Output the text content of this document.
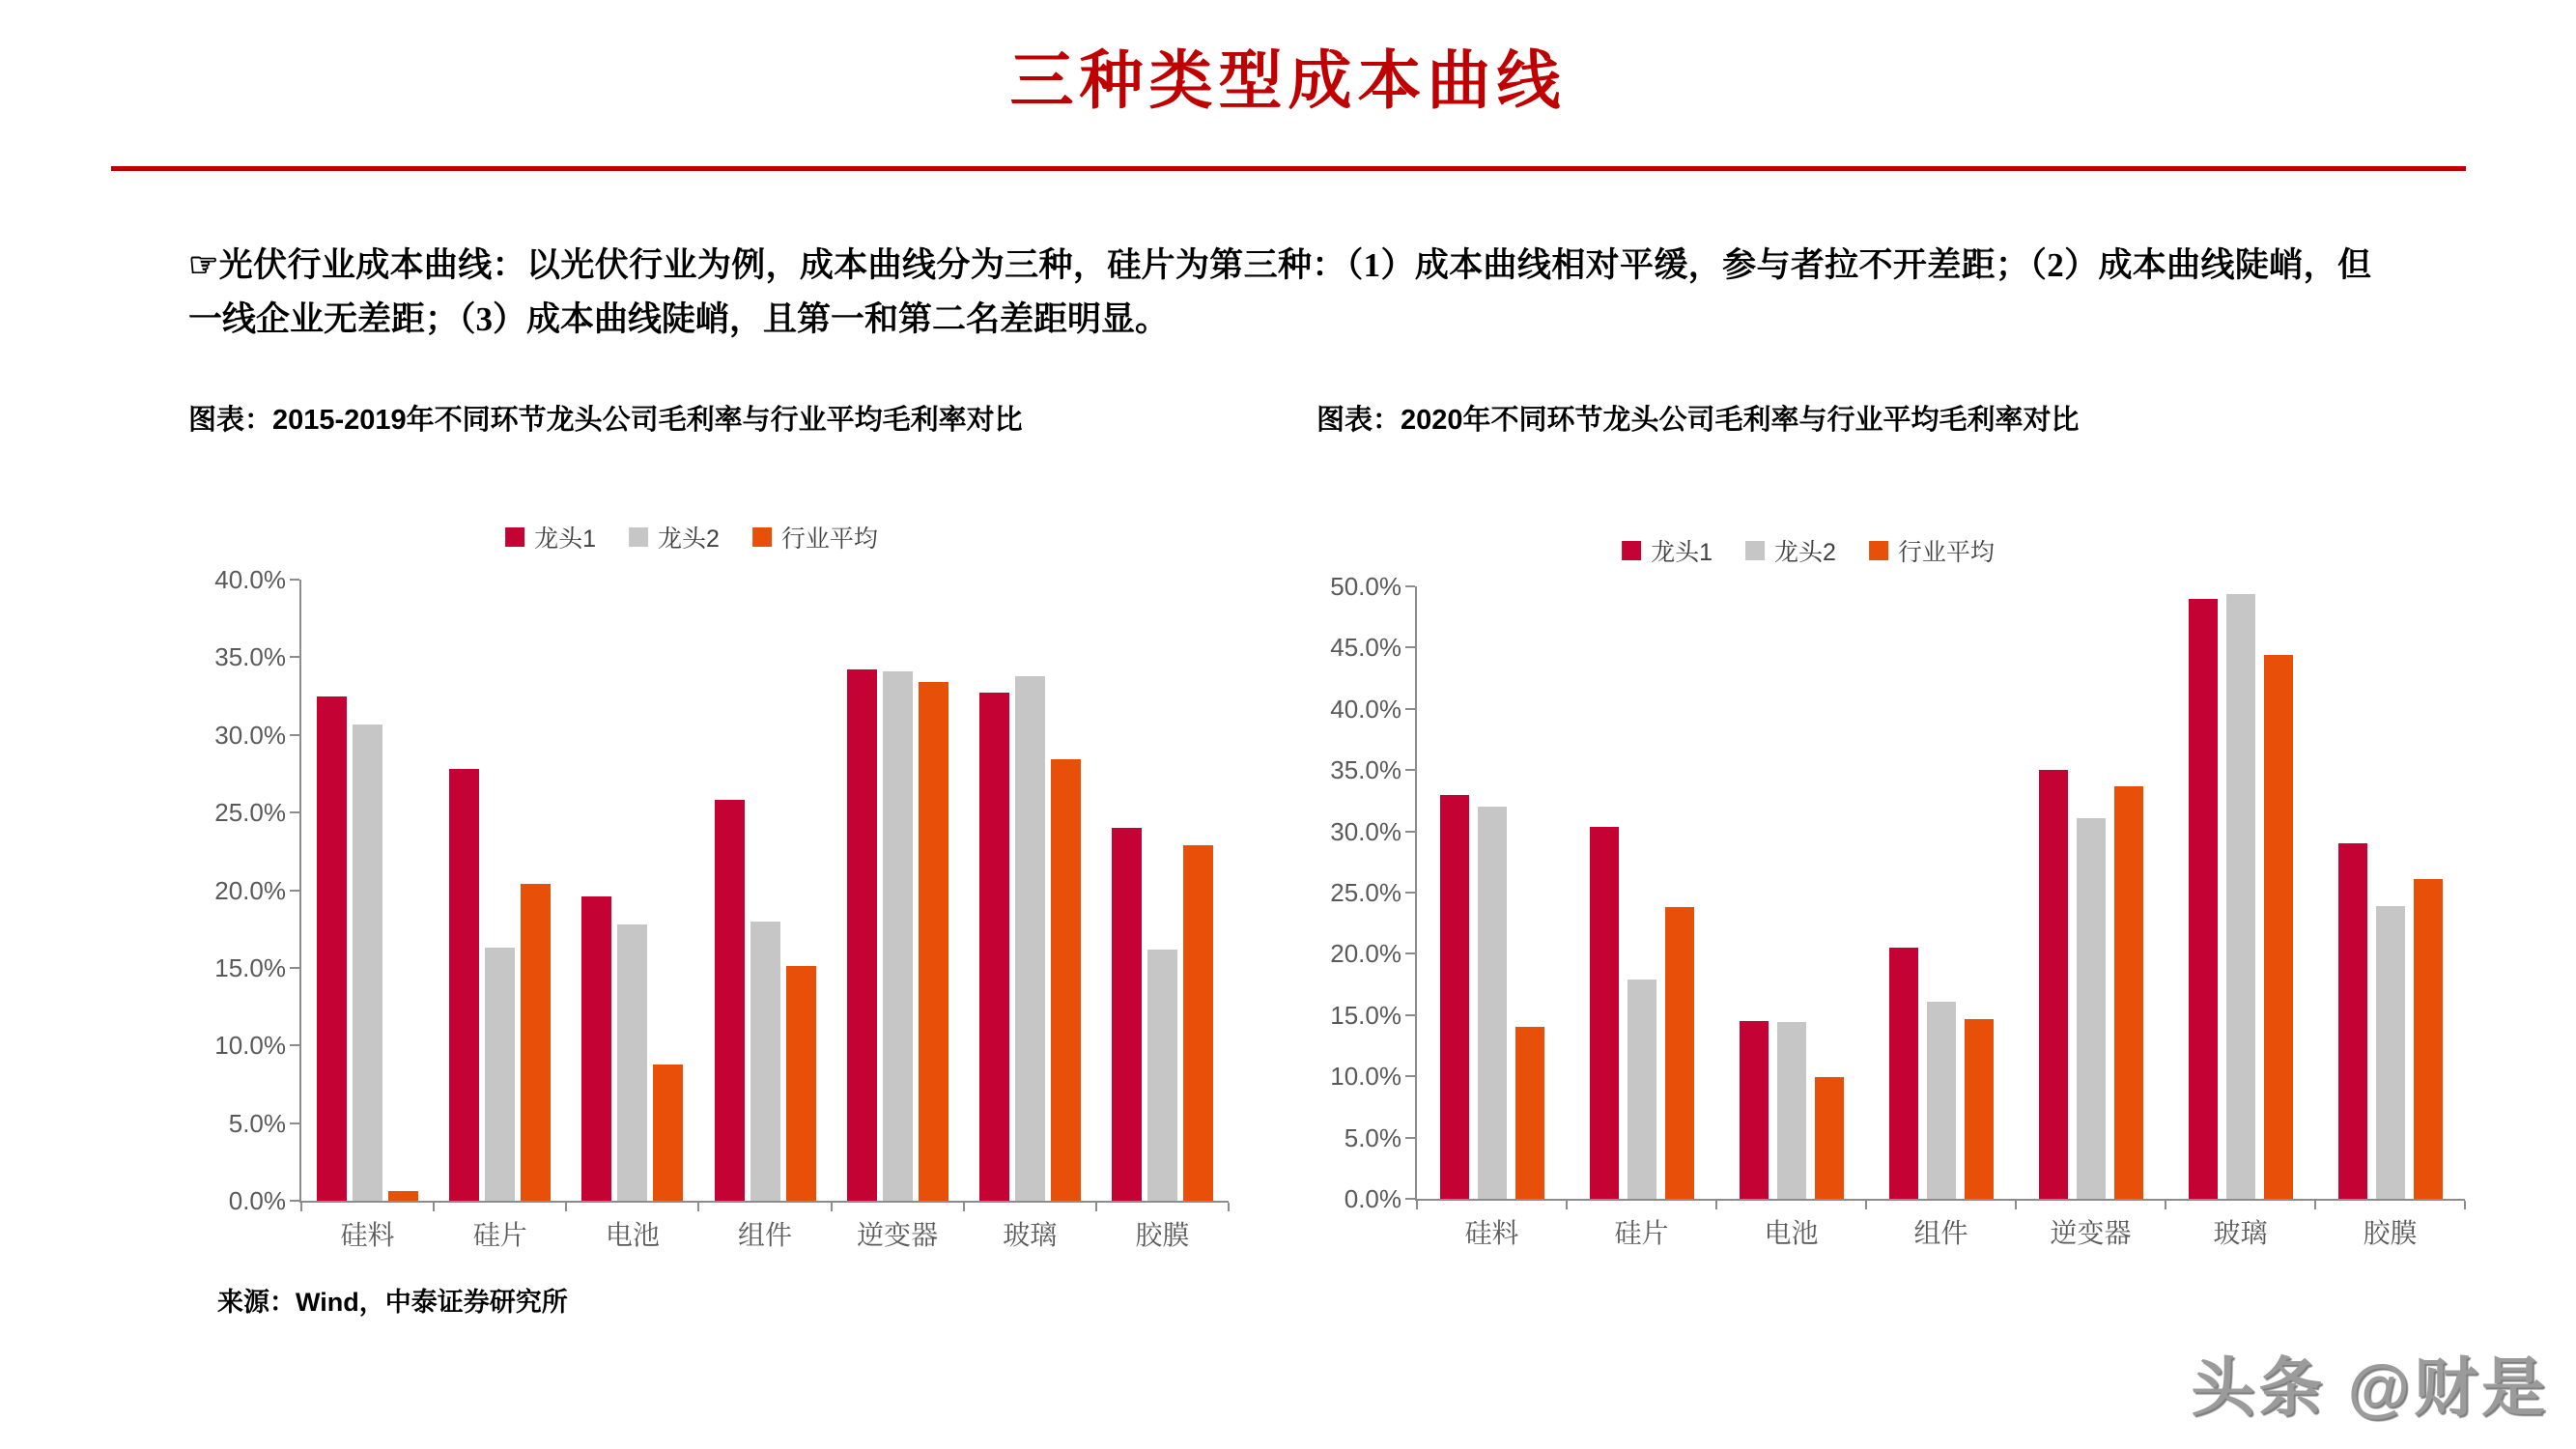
三种类型成本曲线

☞光伏行业成本曲线：以光伏行业为例，成本曲线分为三种，硅片为第三种：（1）成本曲线相对平缓，参与者拉不开差距；（2）成本曲线陡峭，但一线企业无差距；（3）成本曲线陡峭，且第一和第二名差距明显。

图表：2015-2019年不同环节龙头公司毛利率与行业平均毛利率对比	图表：2020年不同环节龙头公司毛利率与行业平均毛利率对比
龙头1	龙头2	行业平均	龙头1	龙头2	行业平均
0.0%
5.0%
10.0%
15.0%
20.0%
25.0%
30.0%
35.0%
40.0%
硅料	硅片	电池	组件 逆变器 玻璃	胶膜
0.0%
5.0%
10.0%
15.0%
20.0%
25.0%
30.0%
35.0%
40.0%
45.0%
50.0%
硅料	硅片	电池	组件	逆变器	玻璃	胶膜
来源：Wind，中泰证券研究所
头条 @财是
